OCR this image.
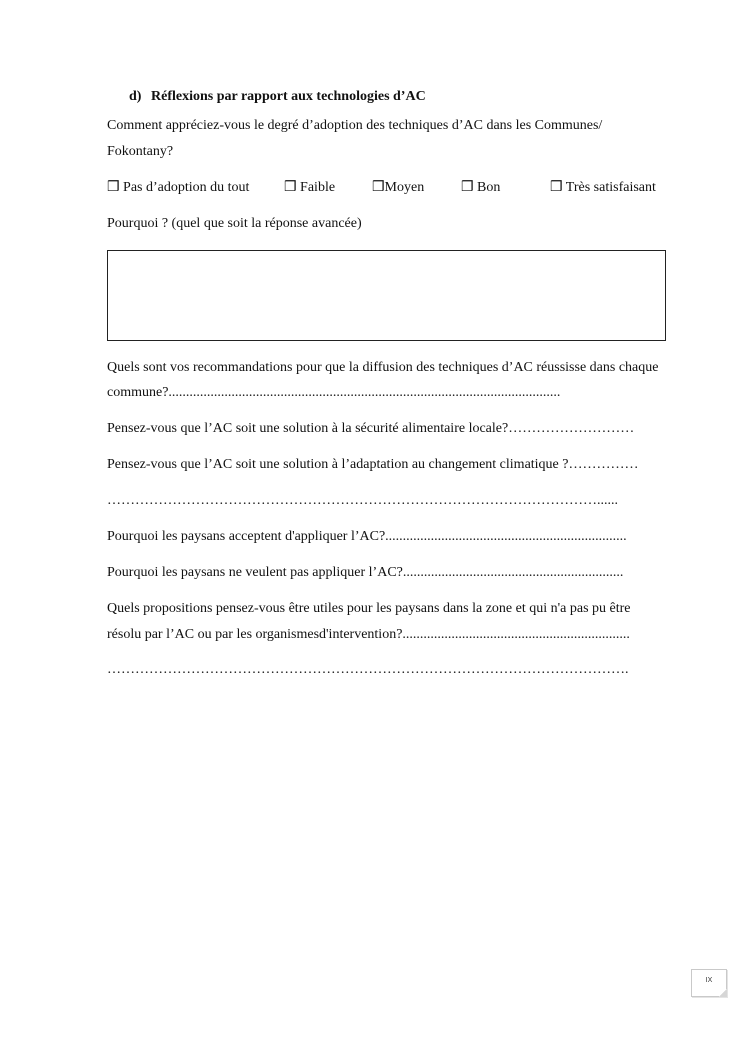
d) Réflexions par rapport aux technologies d’AC
Comment appréciez-vous le degré d’adoption des techniques d’AC dans les Communes/
Fokontany?
❒ Pas d’adoption du tout ❒ Faible	❒Moyen	❒ Bon	❒ Très satisfaisant
Pourquoi ? (quel que soit la réponse avancée)
Quels sont vos recommandations pour que la diffusion des techniques d’AC réussisse dans chaque
commune?................................................................................................................
Pensez-vous que l’AC soit une solution à la sécurité alimentaire locale?………………………
Pensez-vous que l’AC soit une solution à l’adaptation au changement climatique ?……………
……………………………………………………………………………………………......
Pourquoi les paysans acceptent d'appliquer l’AC?.....................................................................
Pourquoi les paysans ne veulent pas appliquer l’AC?...............................................................
Quels propositions pensez-vous être utiles pour les paysans dans la zone et qui n'a pas pu être
résolu par l’AC ou par les organismesd'intervention?.................................................................
………………………………………………………………………………………………….
IX
